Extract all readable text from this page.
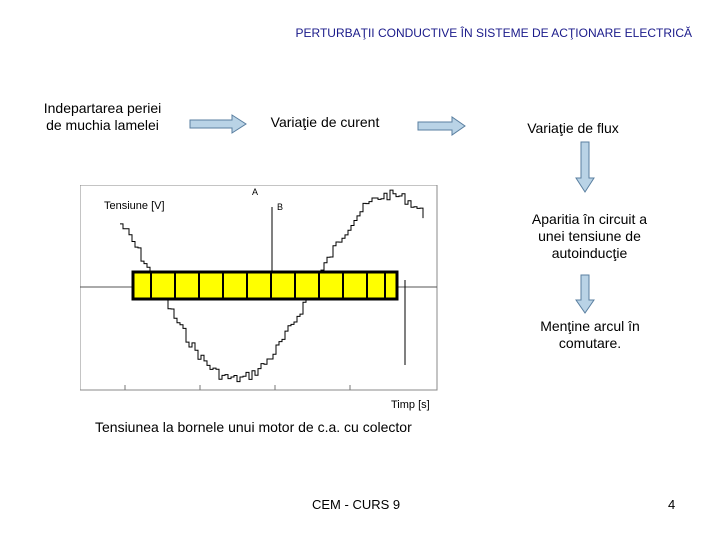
PERTURBAŢII CONDUCTIVE ÎN SISTEME DE ACŢIONARE ELECTRICĂ
Indepartarea periei
de muchia lamelei	Variaţie de curent	Variaţie de flux
Aparitia în circuit a
unei tensiune de
autoinducţie
Menţine arcul în
comutare.
Tensiune [V]
Timp [s]
A
B
Tensiunea la bornele unui motor de c.a. cu colector
CEM - CURS 9	4
